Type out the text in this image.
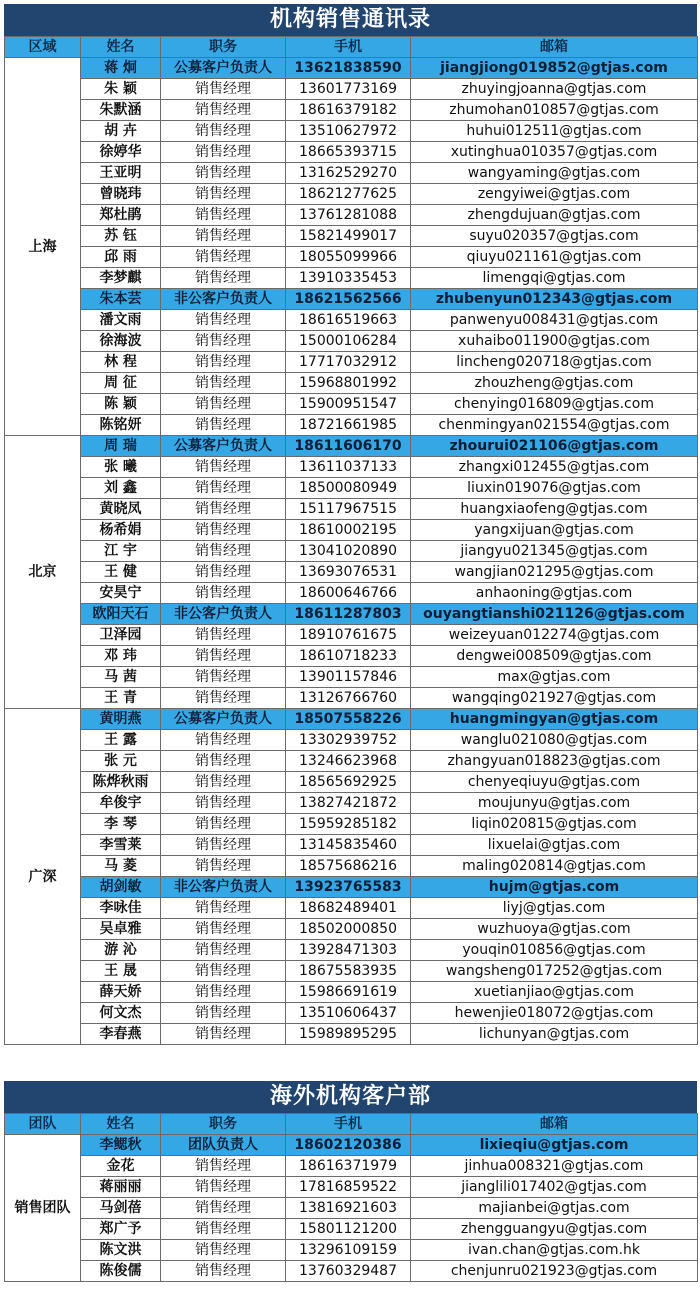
机构销售通讯录
区域	姓名	职务	手机	邮箱
上海	蒋 炯	公募客户负责人	13621838590	jiangjiong019852@gtjas.com
	朱 颖	销售经理	13601773169	zhuyingjoanna@gtjas.com
	朱默涵	销售经理	18616379182	zhumohan010857@gtjas.com
	胡 卉	销售经理	13510627972	huhui012511@gtjas.com
	徐婷华	销售经理	18665393715	xutinghua010357@gtjas.com
	王亚明	销售经理	13162529270	wangyaming@gtjas.com
	曾晓玮	销售经理	18621277625	zengyiwei@gtjas.com
	郑杜鹃	销售经理	13761281088	zhengdujuan@gtjas.com
	苏 钰	销售经理	15821499017	suyu020357@gtjas.com
	邱 雨	销售经理	18055099966	qiuyu021161@gtjas.com
	李梦麒	销售经理	13910335453	limengqi@gtjas.com
	朱本芸	非公客户负责人	18621562566	zhubenyun012343@gtjas.com
	潘文雨	销售经理	18616519663	panwenyu008431@gtjas.com
	徐海波	销售经理	15000106284	xuhaibo011900@gtjas.com
	林 程	销售经理	17717032912	lincheng020718@gtjas.com
	周 征	销售经理	15968801992	zhouzheng@gtjas.com
	陈 颖	销售经理	15900951547	chenying016809@gtjas.com
	陈铭妍	销售经理	18721661985	chenmingyan021554@gtjas.com
北京	周 瑞	公募客户负责人	18611606170	zhourui021106@gtjas.com
	张 曦	销售经理	13611037133	zhangxi012455@gtjas.com
	刘 鑫	销售经理	18500080949	liuxin019076@gtjas.com
	黄晓凤	销售经理	15117967515	huangxiaofeng@gtjas.com
	杨希娟	销售经理	18610002195	yangxijuan@gtjas.com
	江 宇	销售经理	13041020890	jiangyu021345@gtjas.com
	王 健	销售经理	13693076531	wangjian021295@gtjas.com
	安昊宁	销售经理	18600646766	anhaoning@gtjas.com
	欧阳天石	非公客户负责人	18611287803	ouyangtianshi021126@gtjas.com
	卫泽园	销售经理	18910761675	weizeyuan012274@gtjas.com
	邓 玮	销售经理	18610718233	dengwei008509@gtjas.com
	马 茜	销售经理	13901157846	max@gtjas.com
	王 青	销售经理	13126766760	wangqing021927@gtjas.com
广深	黄明燕	公募客户负责人	18507558226	huangmingyan@gtjas.com
	王 露	销售经理	13302939752	wanglu021080@gtjas.com
	张 元	销售经理	13246623968	zhangyuan018823@gtjas.com
	陈烨秋雨	销售经理	18565692925	chenyeqiuyu@gtjas.com
	牟俊宇	销售经理	13827421872	moujunyu@gtjas.com
	李 琴	销售经理	15959285182	liqin020815@gtjas.com
	李雪莱	销售经理	13145835460	lixuelai@gtjas.com
	马 菱	销售经理	18575686216	maling020814@gtjas.com
	胡剑敏	非公客户负责人	13923765583	hujm@gtjas.com
	李咏佳	销售经理	18682489401	liyj@gtjas.com
	吴卓雅	销售经理	18502000850	wuzhuoya@gtjas.com
	游 沁	销售经理	13928471303	youqin010856@gtjas.com
	王 晟	销售经理	18675583935	wangsheng017252@gtjas.com
	薛天娇	销售经理	15986691619	xuetianjiao@gtjas.com
	何文杰	销售经理	13510606437	hewenjie018072@gtjas.com
	李春燕	销售经理	15989895295	lichunyan@gtjas.com
海外机构客户部
团队	姓名	职务	手机	邮箱
销售团队	李鳃秋	团队负责人	18602120386	lixieqiu@gtjas.com
	金花	销售经理	18616371979	jinhua008321@gtjas.com
	蒋丽丽	销售经理	17816859522	jianglili017402@gtjas.com
	马剑蓓	销售经理	13816921603	majianbei@gtjas.com
	郑广予	销售经理	15801121200	zhengguangyu@gtjas.com
	陈文洪	销售经理	13296109159	ivan.chan@gtjas.com.hk
	陈俊儒	销售经理	13760329487	chenjunru021923@gtjas.com
